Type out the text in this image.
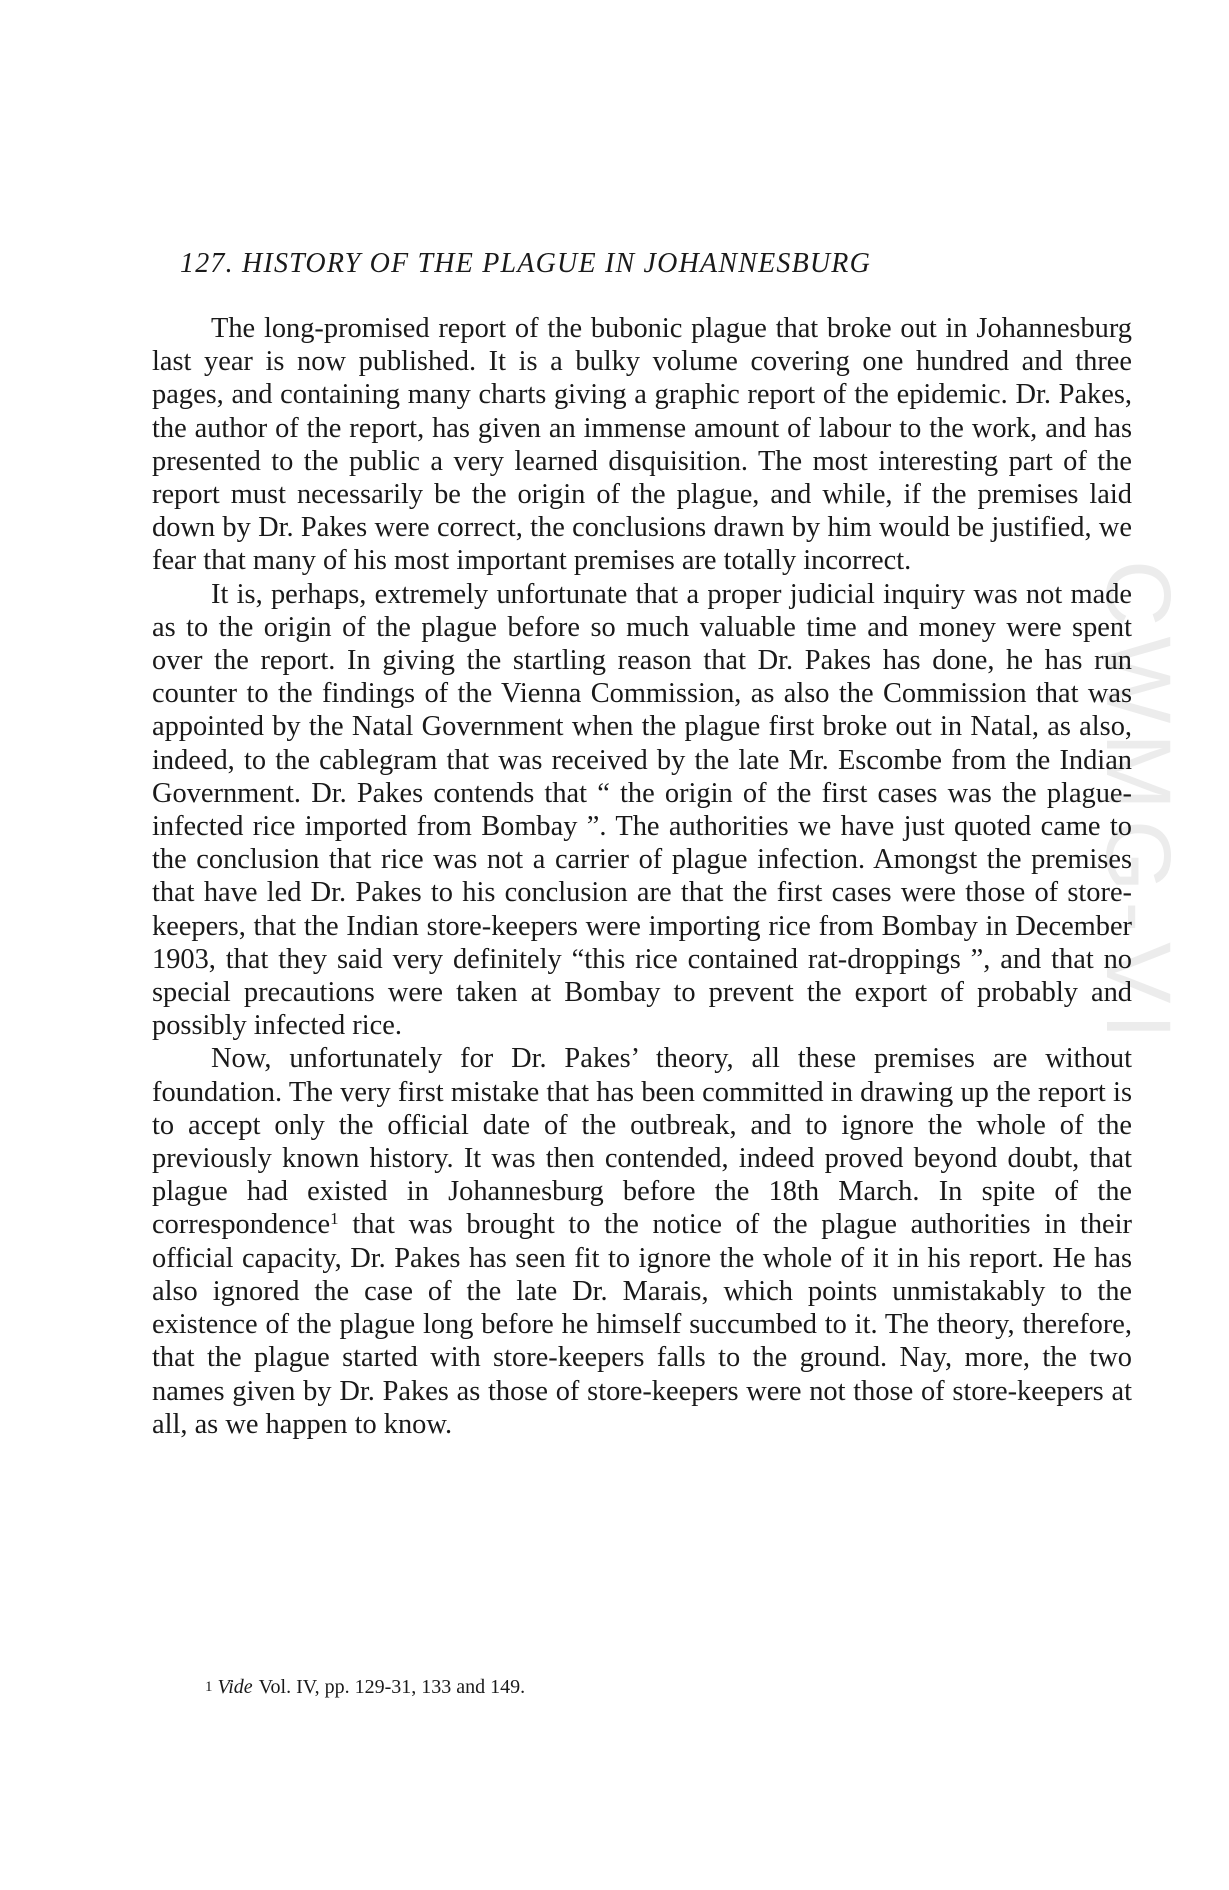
CWMG-VI
127. HISTORY OF THE PLAGUE IN JOHANNESBURG

The long-promised report of the bubonic plague that broke out in Johannesburg last year is now published. It is a bulky volume covering one hundred and three pages, and containing many charts giving a graphic report of the epidemic. Dr. Pakes, the author of the report, has given an immense amount of labour to the work, and has presented to the public a very learned disquisition. The most interesting part of the report must necessarily be the origin of the plague, and while, if the premises laid down by Dr. Pakes were correct, the conclusions drawn by him would be justified, we fear that many of his most important premises are totally incorrect.

It is, perhaps, extremely unfortunate that a proper judicial inquiry was not made as to the origin of the plague before so much valuable time and money were spent over the report. In giving the startling reason that Dr. Pakes has done, he has run counter to the findings of the Vienna Commission, as also the Commission that was appointed by the Natal Government when the plague first broke out in Natal, as also, indeed, to the cablegram that was received by the late Mr. Escombe from the Indian Government. Dr. Pakes contends that “ the origin of the first cases was the plague-infected rice imported from Bombay ”. The authorities we have just quoted came to the conclusion that rice was not a carrier of plague infection. Amongst the premises that have led Dr. Pakes to his conclusion are that the first cases were those of store-keepers, that the Indian store-keepers were importing rice from Bombay in December 1903, that they said very definitely “this rice contained rat-droppings ”, and that no special precautions were taken at Bombay to prevent the export of probably and possibly infected rice.

Now, unfortunately for Dr. Pakes’ theory, all these premises are without foundation. The very first mistake that has been committed in drawing up the report is to accept only the official date of the outbreak, and to ignore the whole of the previously known history. It was then contended, indeed proved beyond doubt, that plague had existed in Johannesburg before the 18th March. In spite of the correspondence$^1$ that was brought to the notice of the plague authorities in their official capacity, Dr. Pakes has seen fit to ignore the whole of it in his report. He has also ignored the case of the late Dr. Marais, which points unmistakably to the existence of the plague long before he himself succumbed to it. The theory, therefore, that the plague started with store-keepers falls to the ground. Nay, more, the two names given by Dr. Pakes as those of store-keepers were not those of store-keepers at all, as we happen to know.

1 Vide Vol. IV, pp. 129-31, 133 and 149.
